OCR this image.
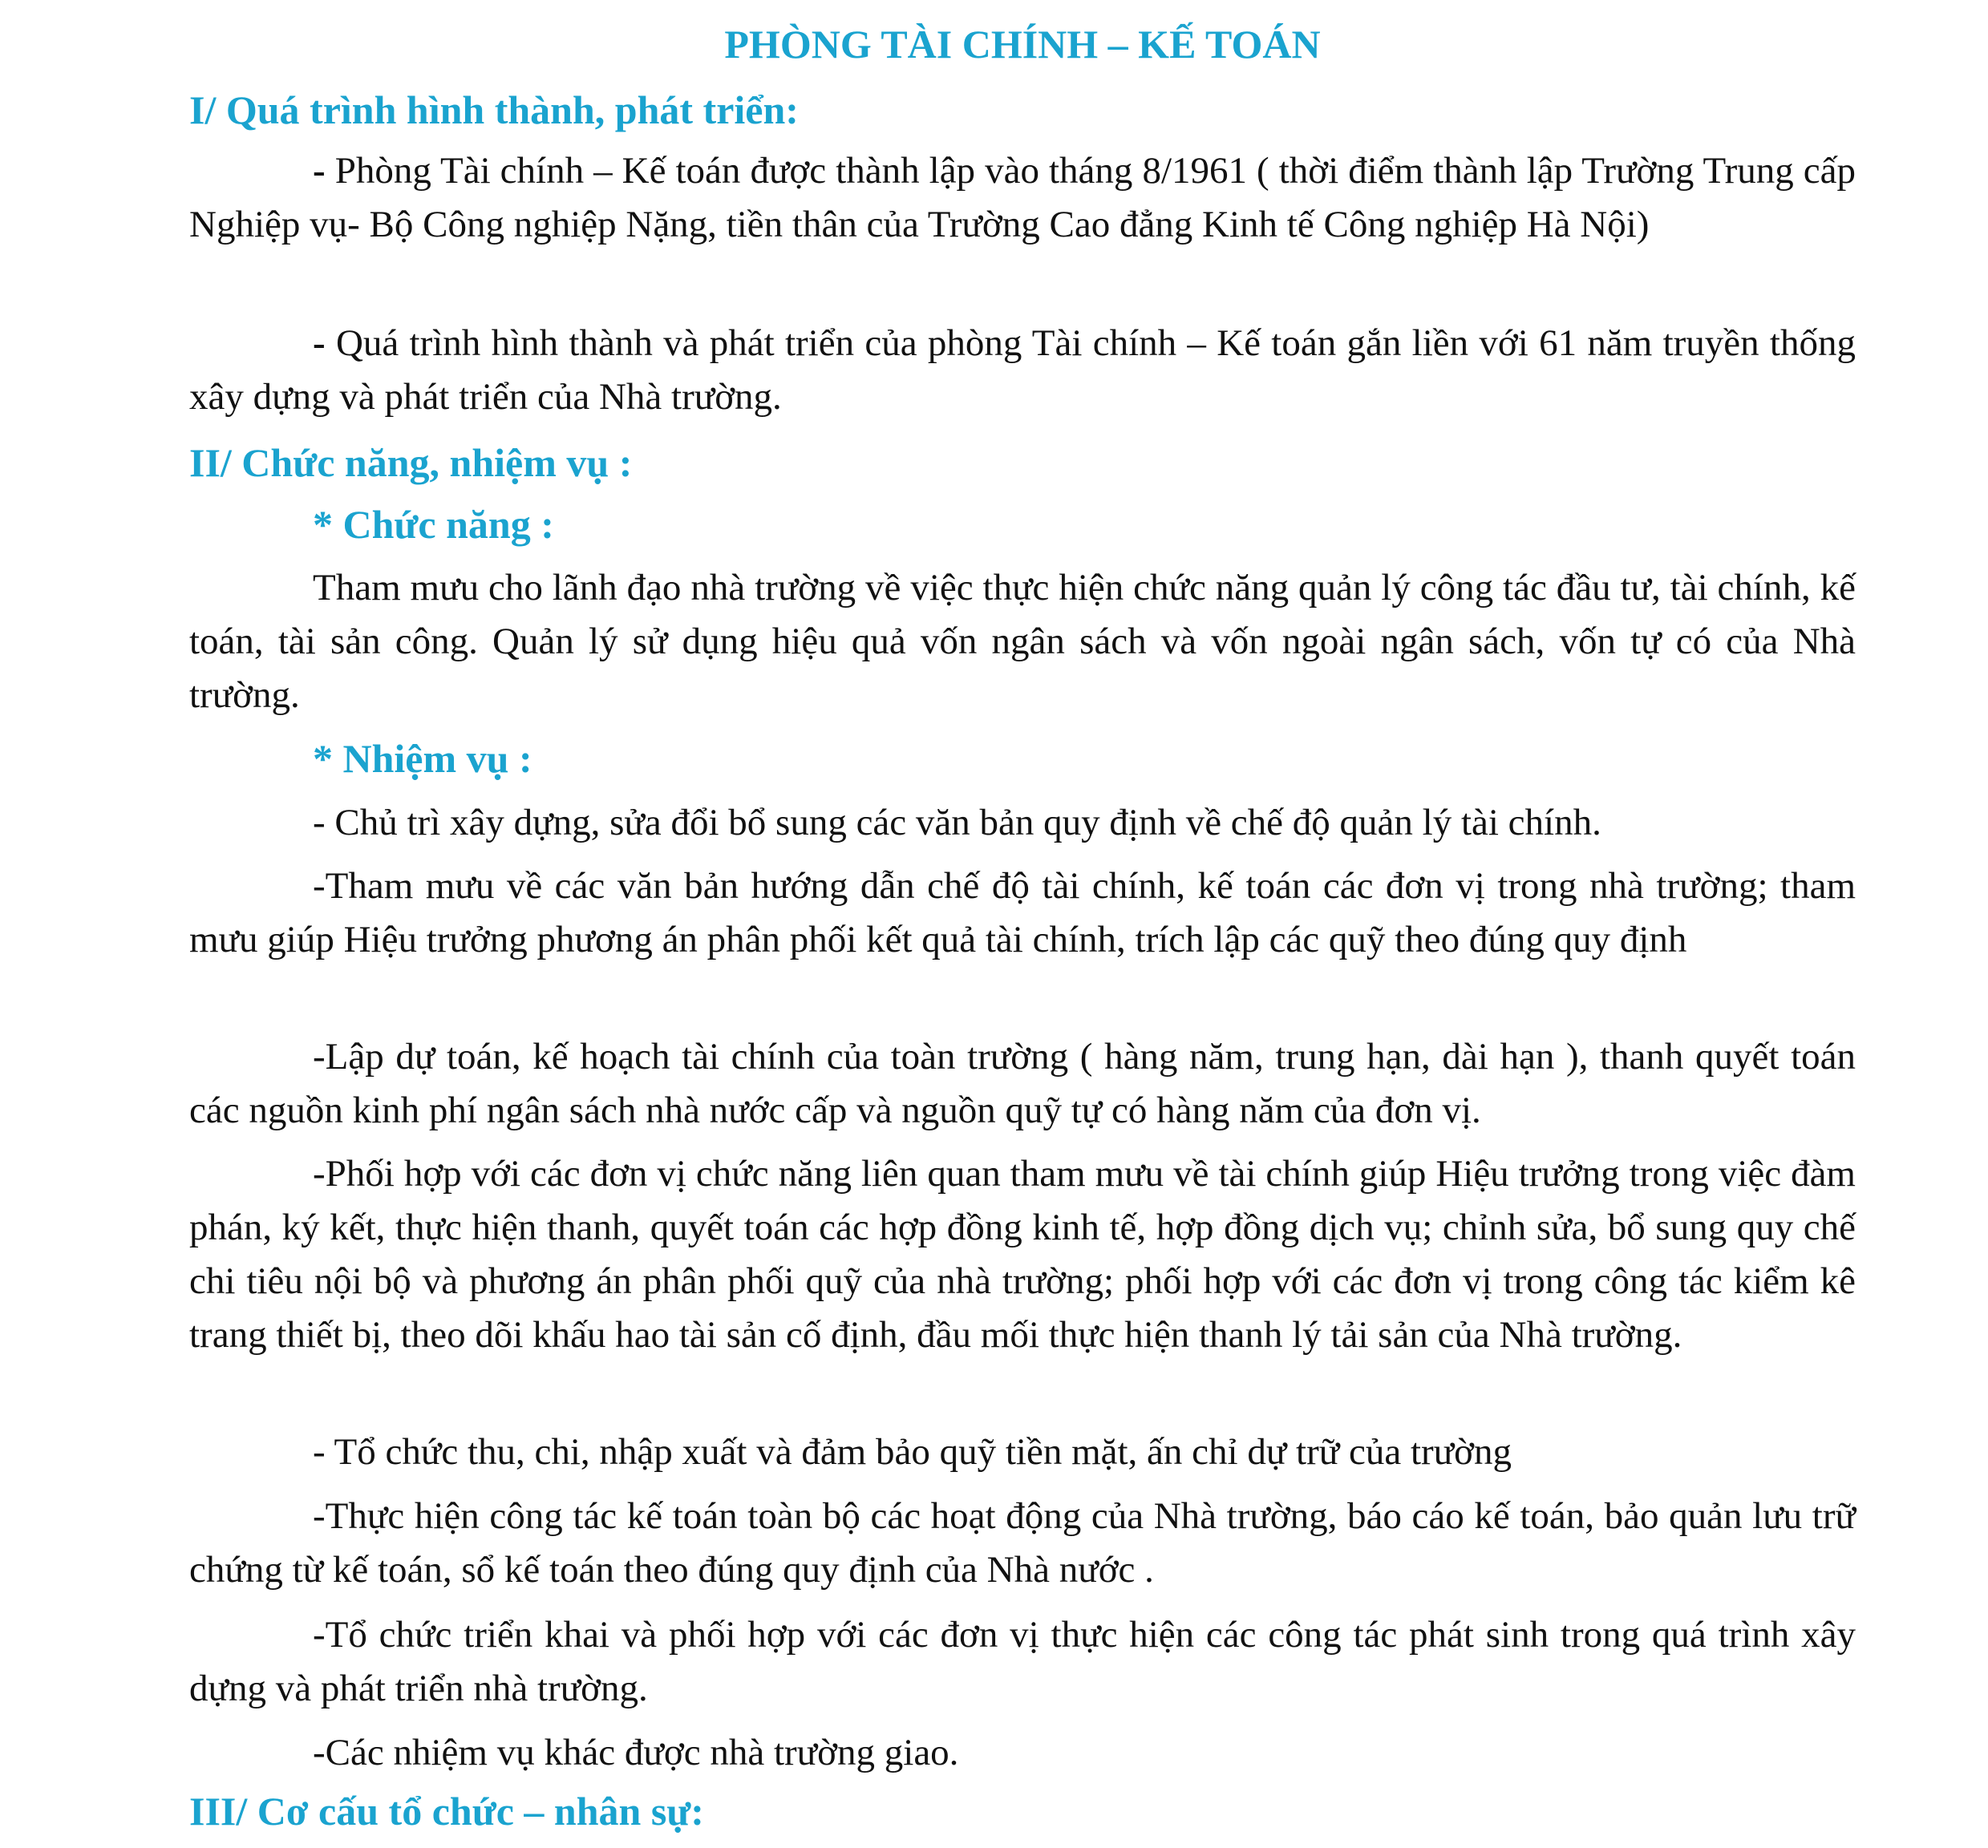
PHÒNG TÀI CHÍNH – KẾ TOÁN
I/ Quá trình hình thành, phát triển:

- Phòng Tài chính – Kế toán được thành lập vào tháng 8/1961 ( thời điểm thành lập Trường Trung cấp Nghiệp vụ- Bộ Công nghiệp Nặng, tiền thân của Trường Cao đẳng Kinh tế Công nghiệp Hà Nội)

- Quá trình hình thành và phát triển của phòng Tài chính – Kế toán gắn liền với 61 năm truyền thống xây dựng và phát triển của Nhà trường.

II/ Chức năng, nhiệm vụ :
* Chức năng :

Tham mưu cho lãnh đạo nhà trường về việc thực hiện chức năng quản lý công tác đầu tư, tài chính, kế toán, tài sản công. Quản lý sử dụng hiệu quả vốn ngân sách và vốn ngoài ngân sách, vốn tự có của Nhà trường.

* Nhiệm vụ :

- Chủ trì xây dựng, sửa đổi bổ sung các văn bản quy định về chế độ quản lý tài chính.

-Tham mưu về các văn bản hướng dẫn chế độ tài chính, kế toán các đơn vị trong nhà trường; tham mưu giúp Hiệu trưởng phương án phân phối kết quả tài chính, trích lập các quỹ theo đúng quy định

-Lập dự toán, kế hoạch tài chính của toàn trường ( hàng năm, trung hạn, dài hạn ), thanh quyết toán các nguồn kinh phí ngân sách nhà nước cấp và nguồn quỹ tự có hàng năm của đơn vị.

-Phối hợp với các đơn vị chức năng liên quan tham mưu về tài chính giúp Hiệu trưởng trong việc đàm phán, ký kết, thực hiện thanh, quyết toán các hợp đồng kinh tế, hợp đồng dịch vụ; chỉnh sửa, bổ sung quy chế chi tiêu nội bộ và phương án phân phối quỹ của nhà trường; phối hợp với các đơn vị trong công tác kiểm kê trang thiết bị, theo dõi khấu hao tài sản cố định, đầu mối thực hiện thanh lý tải sản của Nhà trường.

- Tổ chức thu, chi, nhập xuất và đảm bảo quỹ tiền mặt, ấn chỉ dự trữ của trường

-Thực hiện công tác kế toán toàn bộ các hoạt động của Nhà trường, báo cáo kế toán, bảo quản lưu trữ chứng từ kế toán, sổ kế toán theo đúng quy định của Nhà nước .

-Tổ chức triển khai và phối hợp với các đơn vị thực hiện các công tác phát sinh trong quá trình xây dựng và phát triển nhà trường.

-Các nhiệm vụ khác được nhà trường giao.

III/ Cơ cấu tổ chức – nhân sự:
